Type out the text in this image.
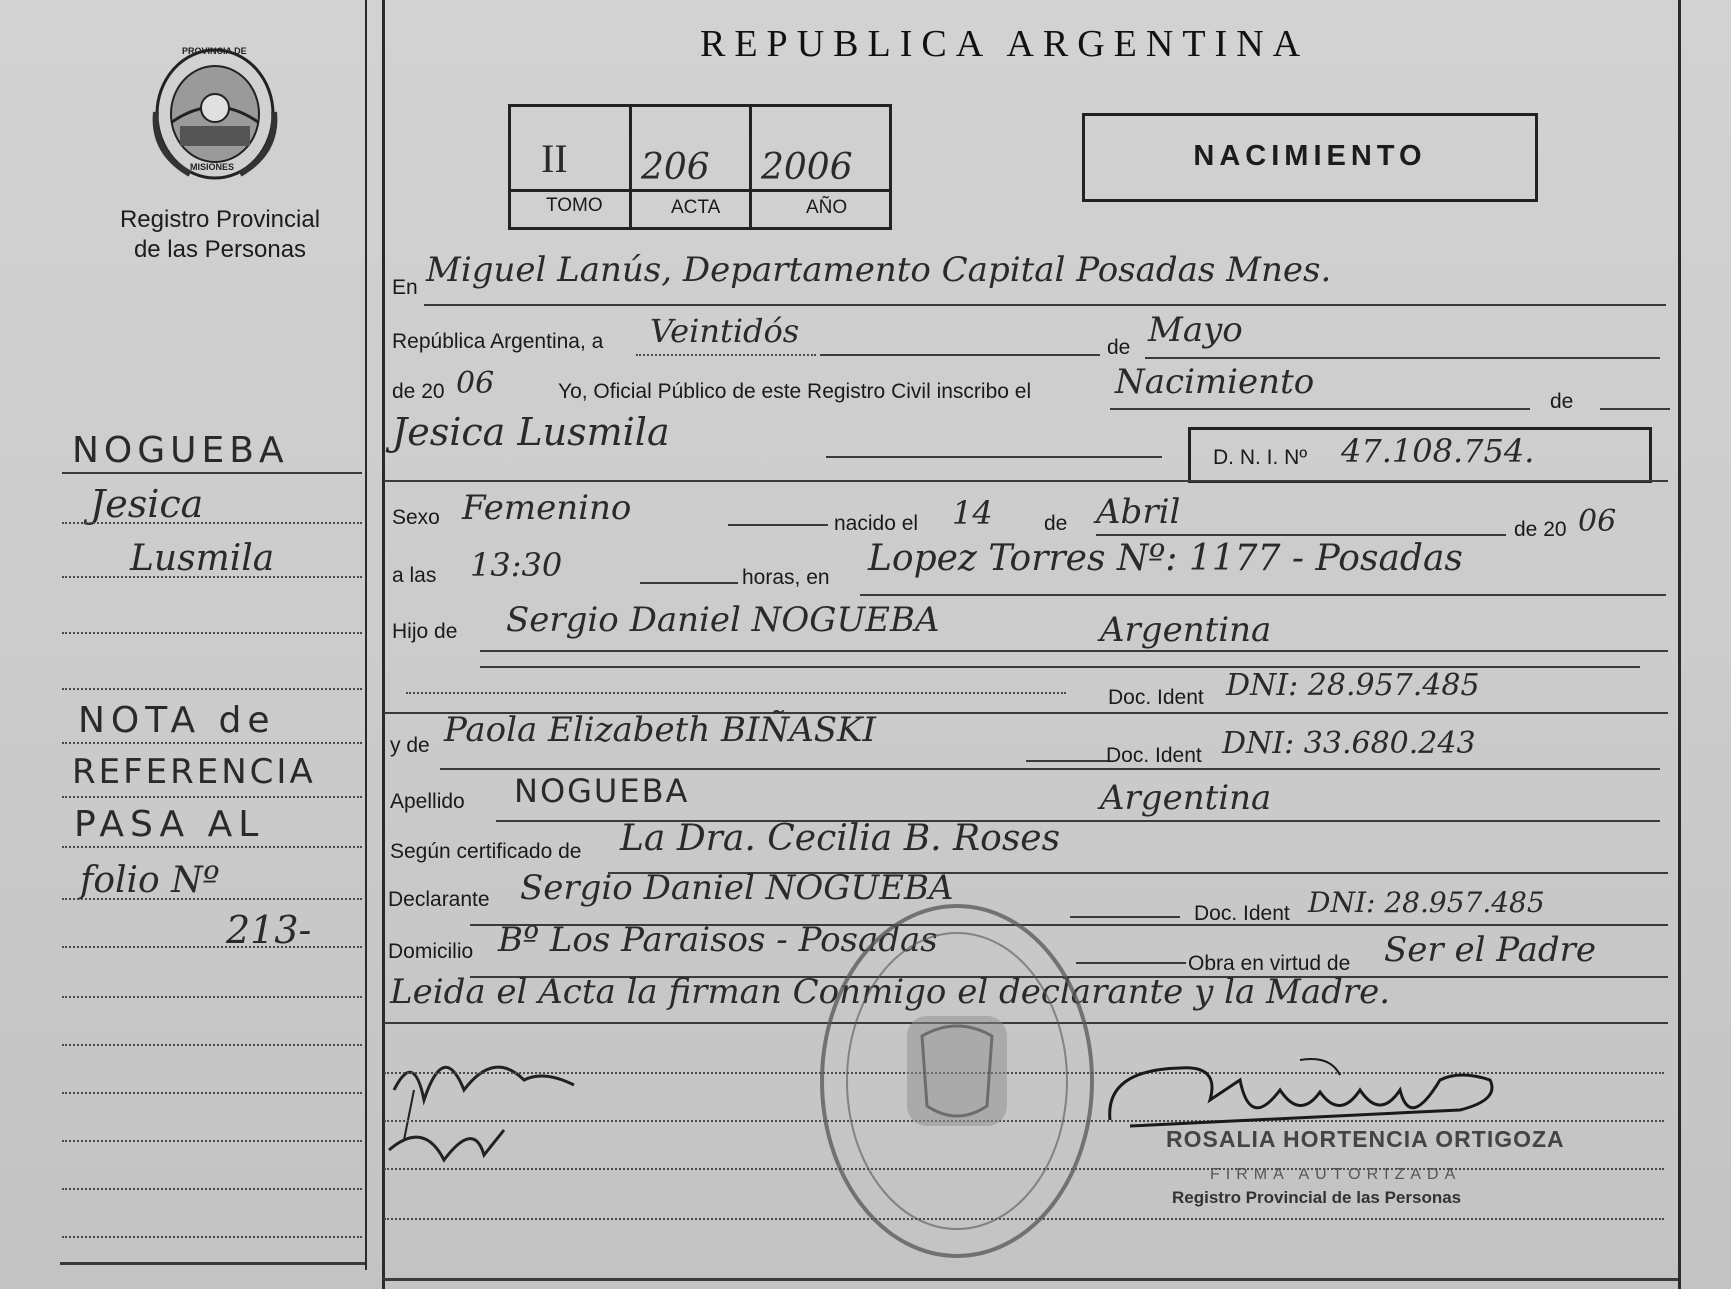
PROVINCIA DE
MISIONES
Registro Provincial
de las Personas
REPUBLICA ARGENTINA
II 206 2006
TOMO	ACTA	AÑO
NACIMIENTO
NOGUEBA
Jesica
Lusmila
NOTA de
REFERENCIA
PASA AL
folio Nº
213-
En Miguel Lanús, Departamento Capital Posadas Mnes.
República Argentina, a Veintidós	de Mayo
de 20 06	Yo, Oficial Público de este Registro Civil inscribo el Nacimiento	de
Jesica Lusmila
D. N. I. Nº 47.108.754.
Sexo Femenino	nacido el 14 de Abril	de 20 06
a las 13:30	horas, en Lopez Torres Nº: 1177 - Posadas
Hijo de Sergio Daniel NOGUEBA	Argentina
Doc. Ident DNI: 28.957.485
y de Paola Elizabeth BIÑASKI
Doc. Ident DNI: 33.680.243
Apellido NOGUEBA	Argentina
Según certificado de La Dra. Cecilia B. Roses
Declarante Sergio Daniel NOGUEBA
Doc. Ident DNI: 28.957.485
Domicilio Bº Los Paraisos - Posadas
Obra en virtud de Ser el Padre
Leida el Acta la firman Conmigo el declarante y la Madre.
ROSALIA HORTENCIA ORTIGOZA
FIRMA AUTORIZADA
Registro Provincial de las Personas
